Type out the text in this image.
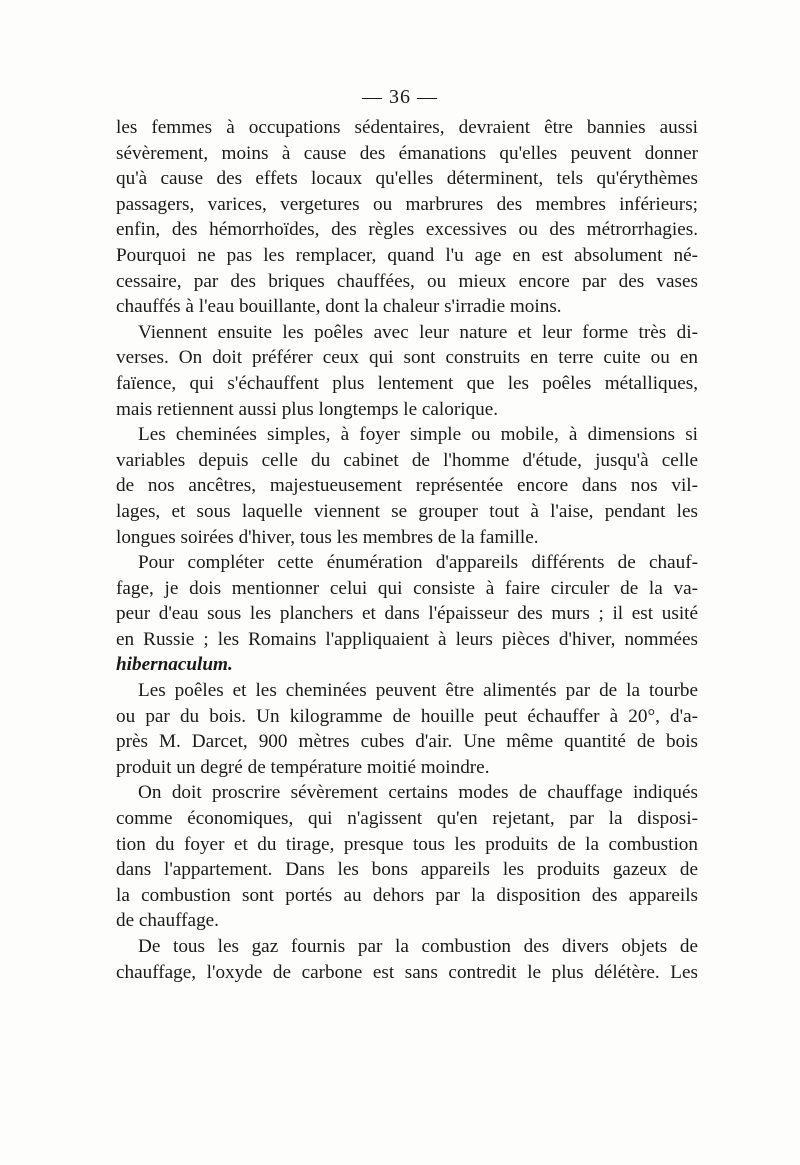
— 36 —
les femmes à occupations sédentaires, devraient être bannies aussi
sévèrement, moins à cause des émanations qu'elles peuvent donner
qu'à cause des effets locaux qu'elles déterminent, tels qu'érythèmes
passagers, varices, vergetures ou marbrures des membres inférieurs;
enfin, des hémorrhoïdes, des règles excessives ou des métrorrhagies.
Pourquoi ne pas les remplacer, quand l'u age en est absolument né-
cessaire, par des briques chauffées, ou mieux encore par des vases
chauffés à l'eau bouillante, dont la chaleur s'irradie moins.
Viennent ensuite les poêles avec leur nature et leur forme très di-
verses. On doit préférer ceux qui sont construits en terre cuite ou en
faïence, qui s'échauffent plus lentement que les poêles métalliques,
mais retiennent aussi plus longtemps le calorique.
Les cheminées simples, à foyer simple ou mobile, à dimensions si
variables depuis celle du cabinet de l'homme d'étude, jusqu'à celle
de nos ancêtres, majestueusement représentée encore dans nos vil-
lages, et sous laquelle viennent se grouper tout à l'aise, pendant les
longues soirées d'hiver, tous les membres de la famille.
Pour compléter cette énumération d'appareils différents de chauf-
fage, je dois mentionner celui qui consiste à faire circuler de la va-
peur d'eau sous les planchers et dans l'épaisseur des murs ; il est usité
en Russie ; les Romains l'appliquaient à leurs pièces d'hiver, nommées
hibernaculum.
Les poêles et les cheminées peuvent être alimentés par de la tourbe
ou par du bois. Un kilogramme de houille peut échauffer à 20°, d'a-
près M. Darcet, 900 mètres cubes d'air. Une même quantité de bois
produit un degré de température moitié moindre.
On doit proscrire sévèrement certains modes de chauffage indiqués
comme économiques, qui n'agissent qu'en rejetant, par la disposi-
tion du foyer et du tirage, presque tous les produits de la combustion
dans l'appartement. Dans les bons appareils les produits gazeux de
la combustion sont portés au dehors par la disposition des appareils
de chauffage.
De tous les gaz fournis par la combustion des divers objets de
chauffage, l'oxyde de carbone est sans contredit le plus délétère. Les
